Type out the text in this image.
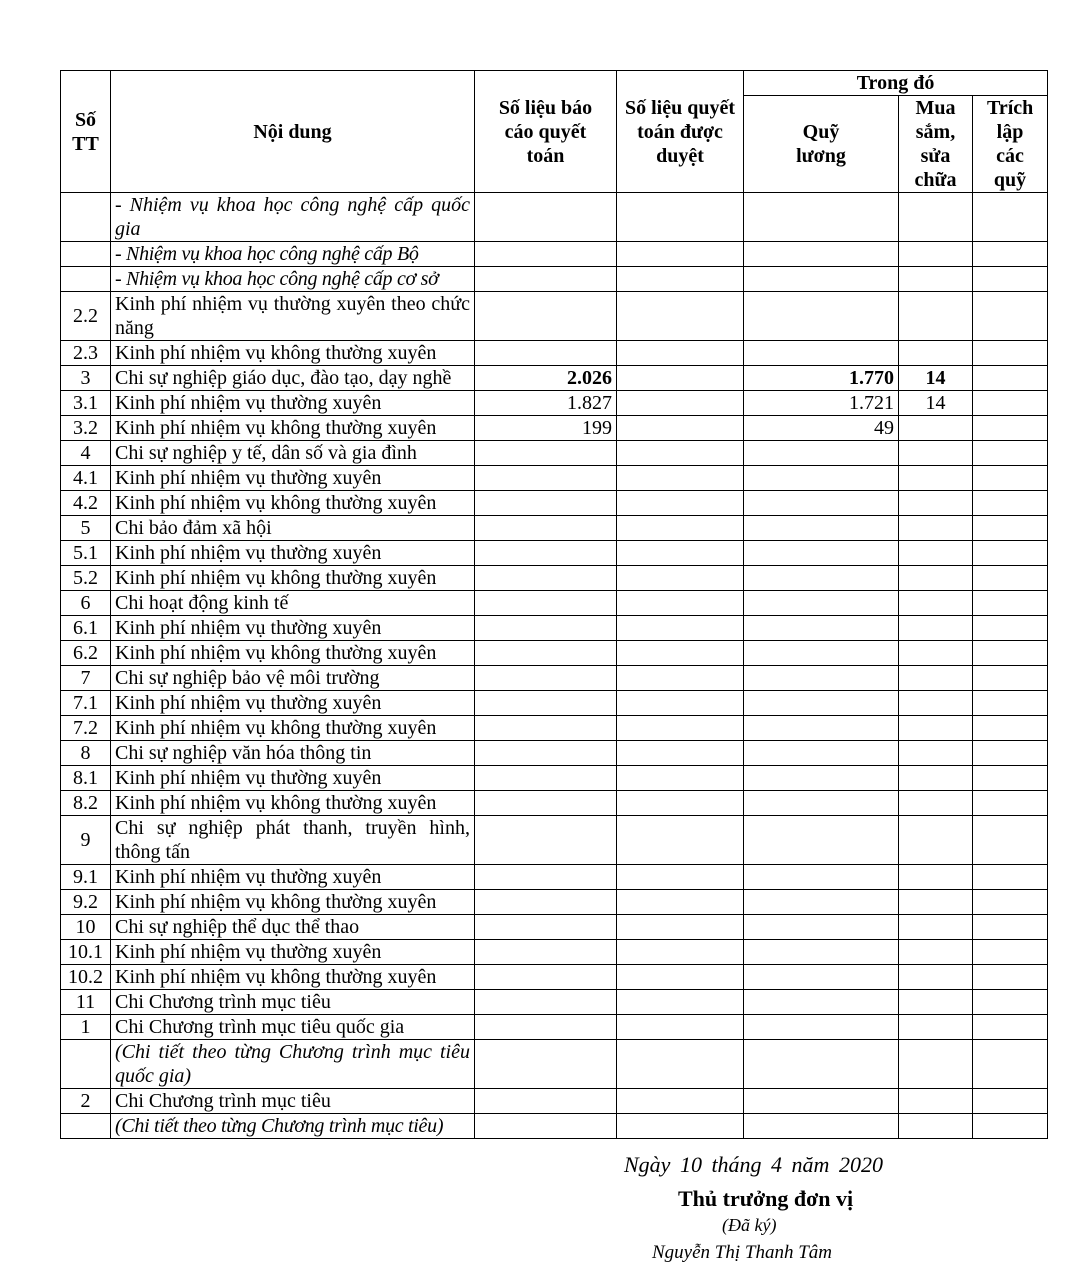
Số TT	Nội dung	Số liệu báo cáo quyết toán	Số liệu quyết toán được duyệt	Trong đó		
				Quỹ lương	Mua sắm, sửa chữa	Trích lập các quỹ
	- Nhiệm vụ khoa học công nghệ cấp quốc gia					
	- Nhiệm vụ khoa học công nghệ cấp Bộ					
	- Nhiệm vụ khoa học công nghệ cấp cơ sở					
2.2	Kinh phí nhiệm vụ thường xuyên theo chức năng					
2.3	Kinh phí nhiệm vụ không thường xuyên					
3	Chi sự nghiệp giáo dục, đào tạo, dạy nghề	2.026		1.770	14	
3.1	Kinh phí nhiệm vụ thường xuyên	1.827		1.721	14	
3.2	Kinh phí nhiệm vụ không thường xuyên	199		49		
4	Chi sự nghiệp y tế, dân số và gia đình					
4.1	Kinh phí nhiệm vụ thường xuyên					
4.2	Kinh phí nhiệm vụ không thường xuyên					
5	Chi bảo đảm xã hội					
5.1	Kinh phí nhiệm vụ thường xuyên					
5.2	Kinh phí nhiệm vụ không thường xuyên					
6	Chi hoạt động kinh tế					
6.1	Kinh phí nhiệm vụ thường xuyên					
6.2	Kinh phí nhiệm vụ không thường xuyên					
7	Chi sự nghiệp bảo vệ môi trường					
7.1	Kinh phí nhiệm vụ thường xuyên					
7.2	Kinh phí nhiệm vụ không thường xuyên					
8	Chi sự nghiệp văn hóa thông tin					
8.1	Kinh phí nhiệm vụ thường xuyên					
8.2	Kinh phí nhiệm vụ không thường xuyên					
9	Chi sự nghiệp phát thanh, truyền hình, thông tấn					
9.1	Kinh phí nhiệm vụ thường xuyên					
9.2	Kinh phí nhiệm vụ không thường xuyên					
10	Chi sự nghiệp thể dục thể thao					
10.1	Kinh phí nhiệm vụ thường xuyên					
10.2	Kinh phí nhiệm vụ không thường xuyên					
11	Chi Chương trình mục tiêu					
1	Chi Chương trình mục tiêu quốc gia					
	(Chi tiết theo từng Chương trình mục tiêu quốc gia)					
2	Chi Chương trình mục tiêu					
	(Chi tiết theo từng Chương trình mục tiêu)					
Ngày 10 tháng 4 năm 2020
Thủ trưởng đơn vị
(Đã ký)
Nguyễn Thị Thanh Tâm
